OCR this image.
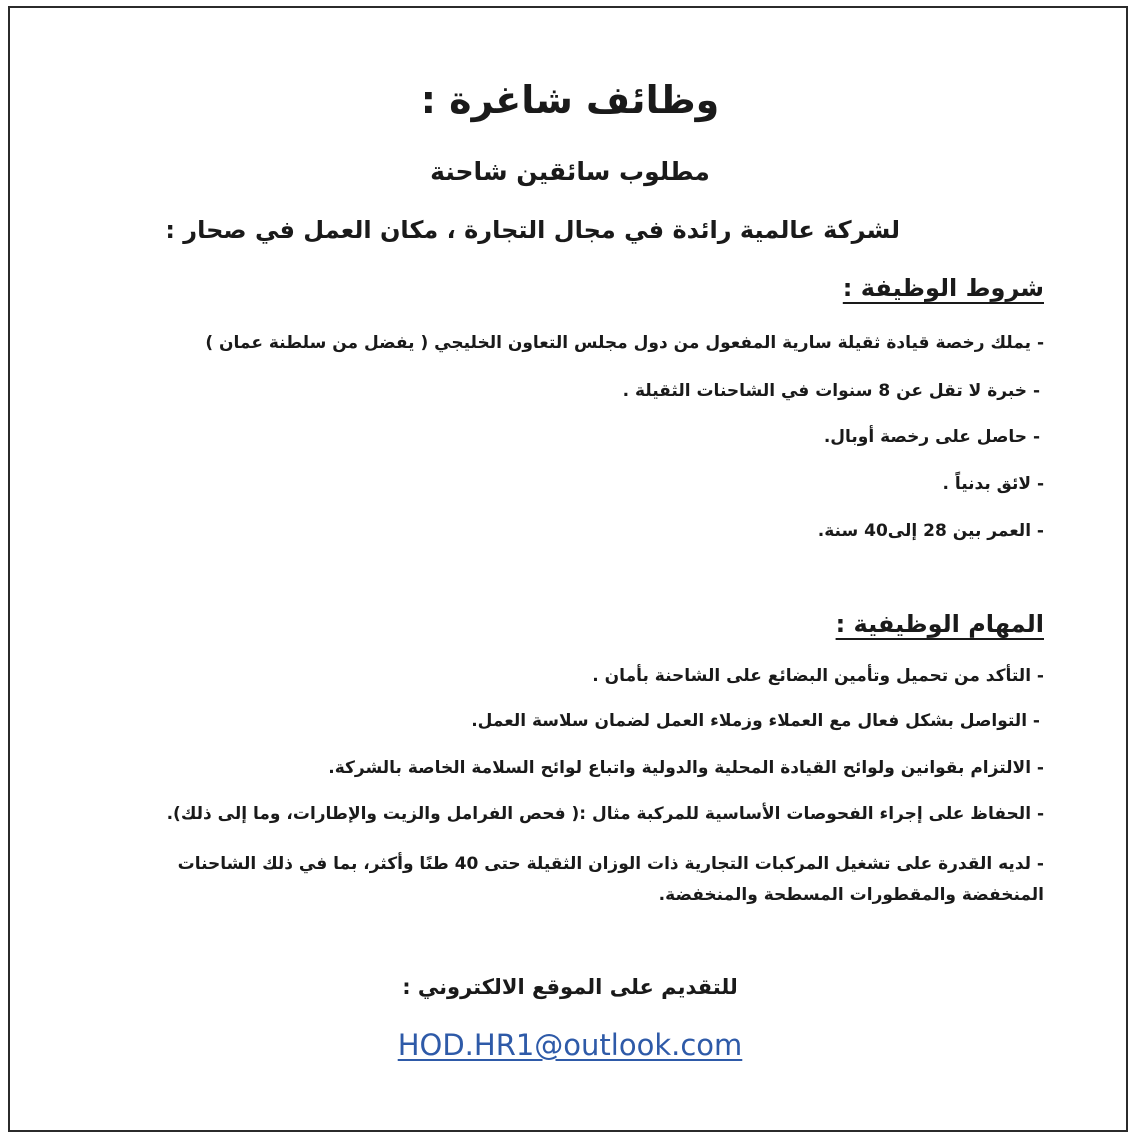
وظائف شاغرة :
مطلوب سائقين شاحنة

لشركة عالمية رائدة في مجال التجارة ، مكان العمل في صحار :

شروط الوظيفة :

- يملك رخصة قيادة ثقيلة سارية المفعول من دول مجلس التعاون الخليجي ( يفضل من سلطنة عمان )

- خبرة لا تقل عن 8 سنوات في الشاحنات الثقيلة .

- حاصل على رخصة أوبال.

- لائق بدنياً .

- العمر بين 28 إلى40 سنة.

المهام الوظيفية :

- التأكد من تحميل وتأمين البضائع على الشاحنة بأمان .

- التواصل بشكل فعال مع العملاء وزملاء العمل لضمان سلاسة العمل.

- الالتزام بقوانين ولوائح القيادة المحلية والدولية واتباع لوائح السلامة الخاصة بالشركة.

- الحفاظ على إجراء الفحوصات الأساسية للمركبة مثال :( فحص الفرامل والزيت والإطارات، وما إلى ذلك).

- لديه القدرة على تشغيل المركبات التجارية ذات الوزان الثقيلة حتى 40 طنًا وأكثر، بما في ذلك الشاحنات المنخفضة والمقطورات المسطحة والمنخفضة.

للتقديم على الموقع الالكتروني :

HOD.HR1@outlook.com
